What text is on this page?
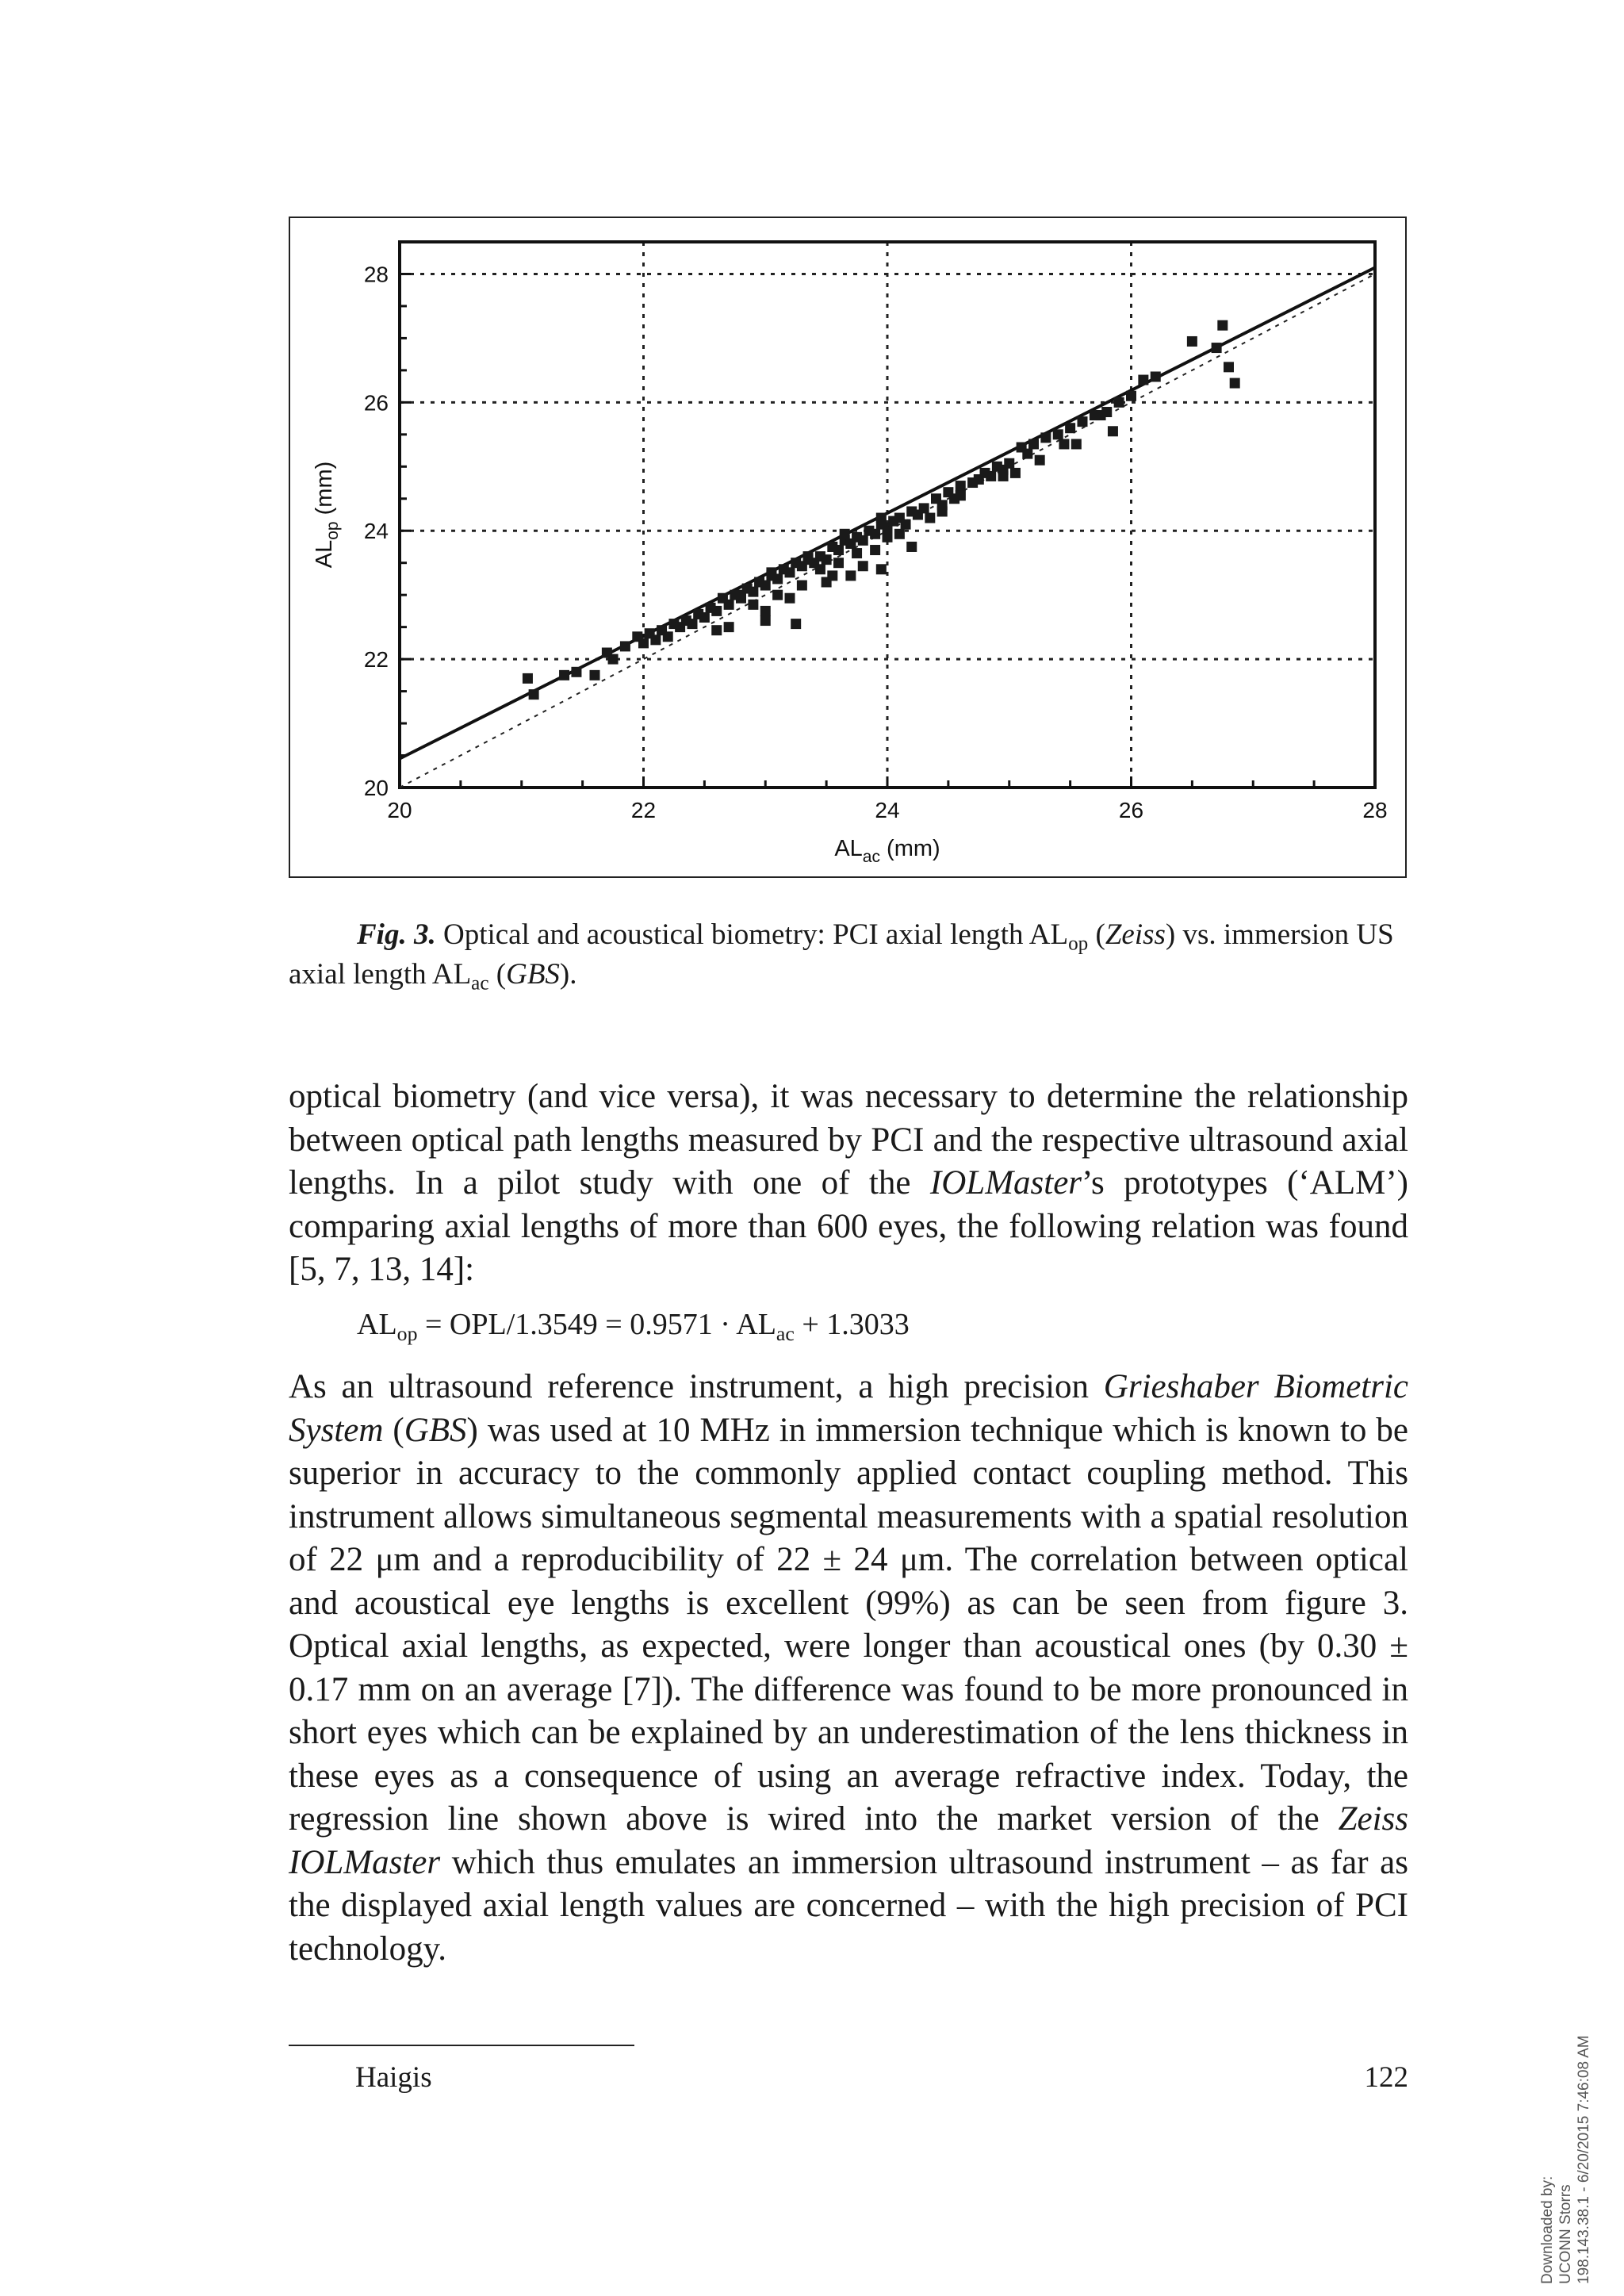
20	22	24	26	28
20
22
24
26
28
$AL_{ac}$ (mm)
$AL_{op}$ (mm)
Fig. 3. Optical and acoustical biometry: PCI axial length $AL_{op}$ (Zeiss) vs. immersion US axial length $AL_{ac}$ (GBS).
optical biometry (and vice versa), it was necessary to determine the relationship between optical path lengths measured by PCI and the respective ultrasound axial lengths. In a pilot study with one of the IOLMaster’s prototypes (‘ALM’) comparing axial lengths of more than 600 eyes, the following relation was found [5, 7, 13, 14]:
$AL_{op} = OPL/1.3549 = 0.9571 \cdot AL_{ac} + 1.3033$
As an ultrasound reference instrument, a high precision Grieshaber Biometric System (GBS) was used at 10 MHz in immersion technique which is known to be superior in accuracy to the commonly applied contact coupling method. This instrument allows simultaneous segmental measurements with a spatial resolution of 22 μm and a reproducibility of 22 ± 24 μm. The correlation between optical and acoustical eye lengths is excellent (99%) as can be seen from figure 3. Optical axial lengths, as expected, were longer than acoustical ones (by 0.30 ± 0.17 mm on an average [7]). The difference was found to be more pronounced in short eyes which can be explained by an underestimation of the lens thickness in these eyes as a consequence of using an average refractive index. Today, the regression line shown above is wired into the market version of the Zeiss IOLMaster which thus emulates an immersion ultrasound instrument – as far as the displayed axial length values are concerned – with the high precision of PCI technology.
Haigis	122
Downloaded by: UCONN Storrs 198.143.38.1 - 6/20/2015 7:46:08 AM
